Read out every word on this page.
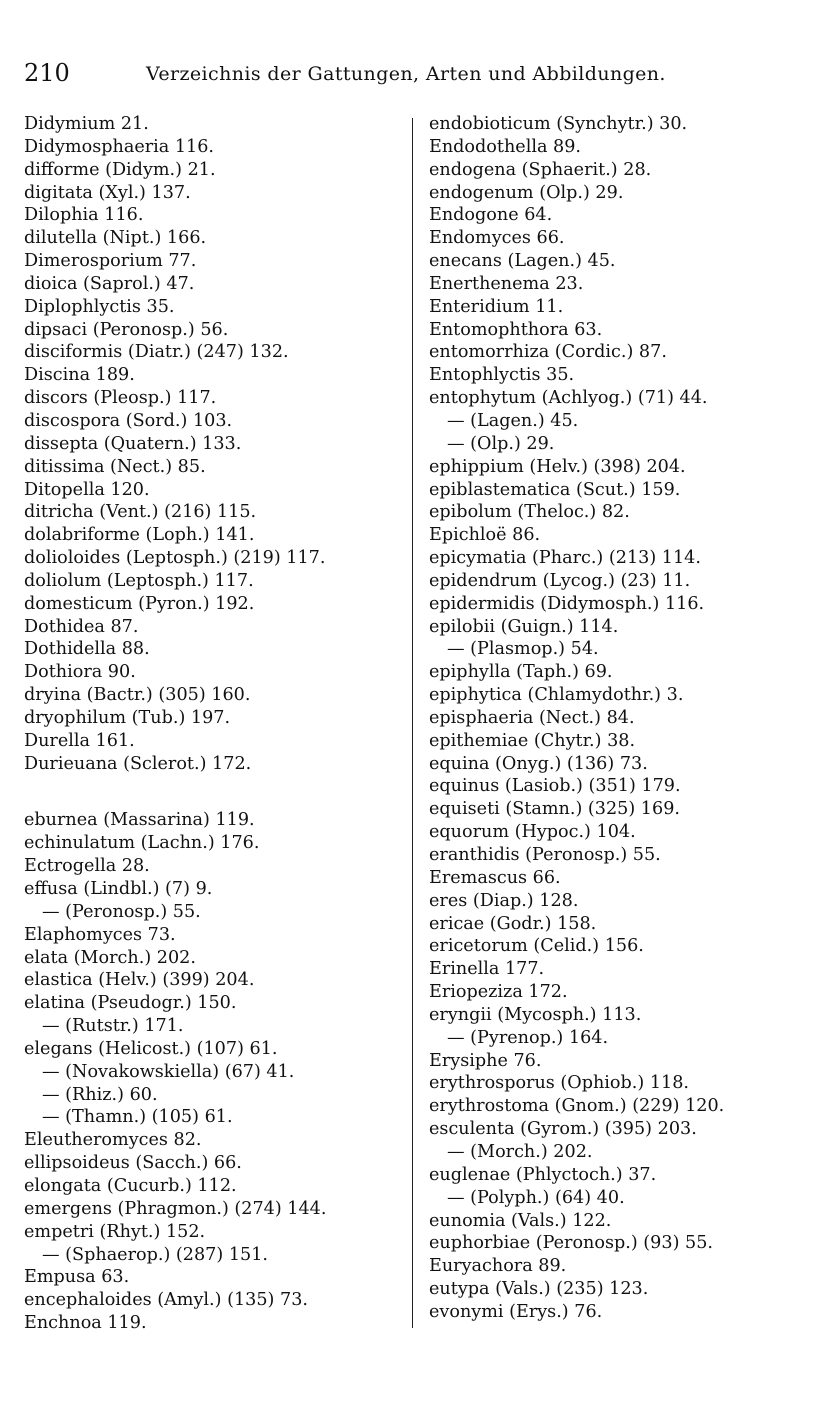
210	Verzeichnis der Gattungen, Arten und Abbildungen.
Didymium 21.
Didymosphaeria 116.
difforme (Didym.) 21.
digitata (Xyl.) 137.
Dilophia 116.
dilutella (Nipt.) 166.
Dimerosporium 77.
dioica (Saprol.) 47.
Diplophlyctis 35.
dipsaci (Peronosp.) 56.
disciformis (Diatr.) (247) 132.
Discina 189.
discors (Pleosp.) 117.
discospora (Sord.) 103.
dissepta (Quatern.) 133.
ditissima (Nect.) 85.
Ditopella 120.
ditricha (Vent.) (216) 115.
dolabriforme (Loph.) 141.
dolioloides (Leptosph.) (219) 117.
doliolum (Leptosph.) 117.
domesticum (Pyron.) 192.
Dothidea 87.
Dothidella 88.
Dothiora 90.
dryina (Bactr.) (305) 160.
dryophilum (Tub.) 197.
Durella 161.
Durieuana (Sclerot.) 172.
eburnea (Massarina) 119.
echinulatum (Lachn.) 176.
Ectrogella 28.
effusa (Lindbl.) (7) 9.
— (Peronosp.) 55.
Elaphomyces 73.
elata (Morch.) 202.
elastica (Helv.) (399) 204.
elatina (Pseudogr.) 150.
— (Rutstr.) 171.
elegans (Helicost.) (107) 61.
— (Novakowskiella) (67) 41.
— (Rhiz.) 60.
— (Thamn.) (105) 61.
Eleutheromyces 82.
ellipsoideus (Sacch.) 66.
elongata (Cucurb.) 112.
emergens (Phragmon.) (274) 144.
empetri (Rhyt.) 152.
— (Sphaerop.) (287) 151.
Empusa 63.
encephaloides (Amyl.) (135) 73.
Enchnoa 119.
endobioticum (Synchytr.) 30.
Endodothella 89.
endogena (Sphaerit.) 28.
endogenum (Olp.) 29.
Endogone 64.
Endomyces 66.
enecans (Lagen.) 45.
Enerthenema 23.
Enteridium 11.
Entomophthora 63.
entomorrhiza (Cordic.) 87.
Entophlyctis 35.
entophytum (Achlyog.) (71) 44.
— (Lagen.) 45.
— (Olp.) 29.
ephippium (Helv.) (398) 204.
epiblastematica (Scut.) 159.
epibolum (Theloc.) 82.
Epichloë 86.
epicymatia (Pharc.) (213) 114.
epidendrum (Lycog.) (23) 11.
epidermidis (Didymosph.) 116.
epilobii (Guign.) 114.
— (Plasmop.) 54.
epiphylla (Taph.) 69.
epiphytica (Chlamydothr.) 3.
episphaeria (Nect.) 84.
epithemiae (Chytr.) 38.
equina (Onyg.) (136) 73.
equinus (Lasiob.) (351) 179.
equiseti (Stamn.) (325) 169.
equorum (Hypoc.) 104.
eranthidis (Peronosp.) 55.
Eremascus 66.
eres (Diap.) 128.
ericae (Godr.) 158.
ericetorum (Celid.) 156.
Erinella 177.
Eriopeziza 172.
eryngii (Mycosph.) 113.
— (Pyrenop.) 164.
Erysiphe 76.
erythrosporus (Ophiob.) 118.
erythrostoma (Gnom.) (229) 120.
esculenta (Gyrom.) (395) 203.
— (Morch.) 202.
euglenae (Phlyctoch.) 37.
— (Polyph.) (64) 40.
eunomia (Vals.) 122.
euphorbiae (Peronosp.) (93) 55.
Euryachora 89.
eutypa (Vals.) (235) 123.
evonymi (Erys.) 76.
